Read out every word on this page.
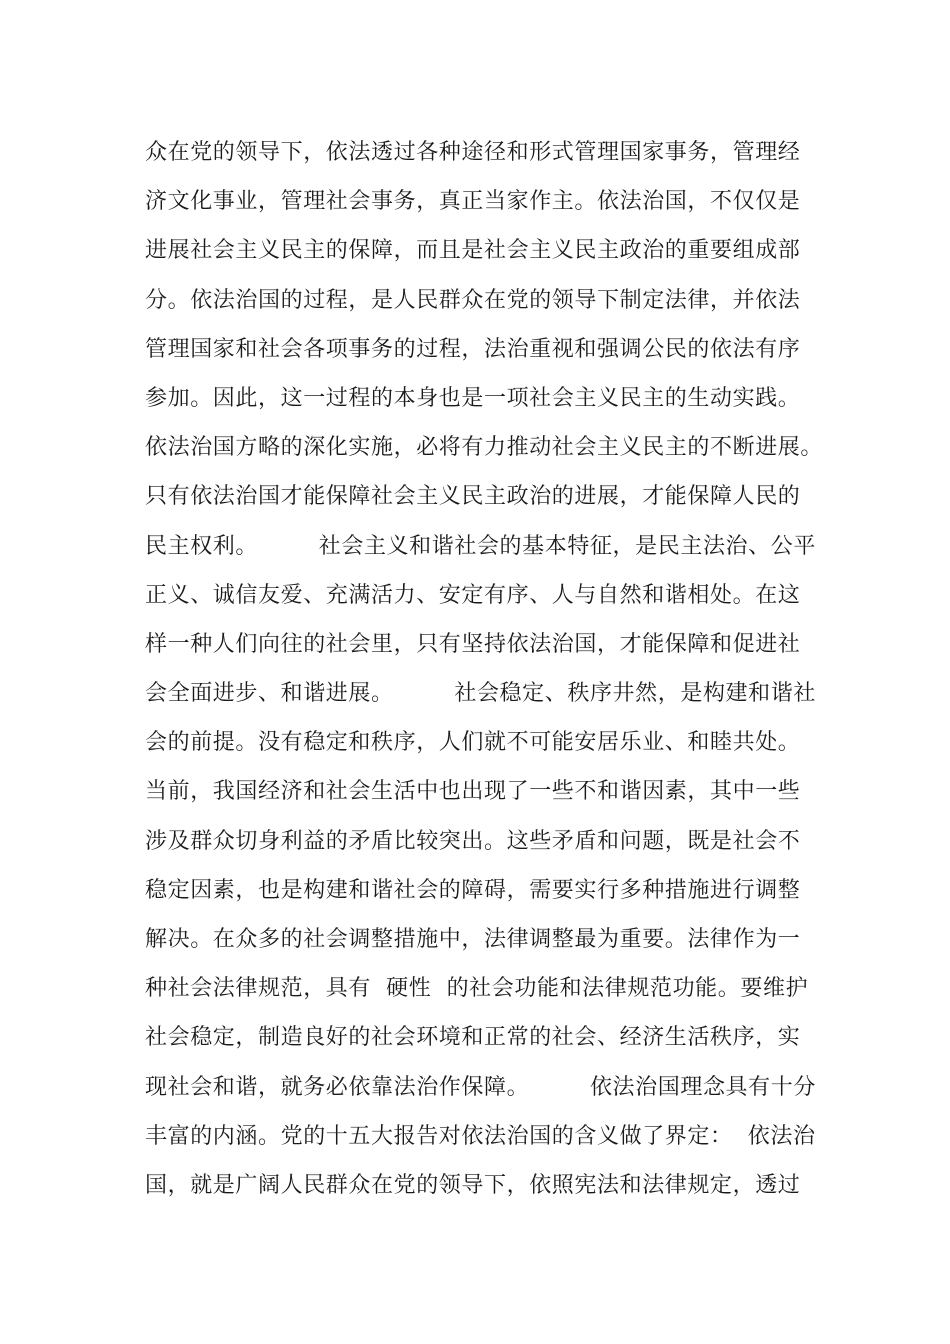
众在党的领导下，依法透过各种途径和形式管理国家事务，管理经
济文化事业，管理社会事务，真正当家作主。依法治国，不仅仅是
进展社会主义民主的保障，而且是社会主义民主政治的重要组成部
分。依法治国的过程，是人民群众在党的领导下制定法律，并依法
管理国家和社会各项事务的过程，法治重视和强调公民的依法有序
参加。因此，这一过程的本身也是一项社会主义民主的生动实践。
依法治国方略的深化实施，必将有力推动社会主义民主的不断进展。
只有依法治国才能保障社会主义民主政治的进展，才能保障人民的
民主权利。        社会主义和谐社会的基本特征，是民主法治、公平
正义、诚信友爱、充满活力、安定有序、人与自然和谐相处。在这
样一种人们向往的社会里，只有坚持依法治国，才能保障和促进社
会全面进步、和谐进展。        社会稳定、秩序井然，是构建和谐社
会的前提。没有稳定和秩序，人们就不可能安居乐业、和睦共处。
当前，我国经济和社会生活中也出现了一些不和谐因素，其中一些
涉及群众切身利益的矛盾比较突出。这些矛盾和问题，既是社会不
稳定因素，也是构建和谐社会的障碍，需要实行多种措施进行调整
解决。在众多的社会调整措施中，法律调整最为重要。法律作为一
种社会法律规范，具有  硬性  的社会功能和法律规范功能。要维护
社会稳定，制造良好的社会环境和正常的社会、经济生活秩序，实
现社会和谐，就务必依靠法治作保障。        依法治国理念具有十分
丰富的内涵。党的十五大报告对依法治国的含义做了界定：  依法治
国，就是广阔人民群众在党的领导下，依照宪法和法律规定，透过
